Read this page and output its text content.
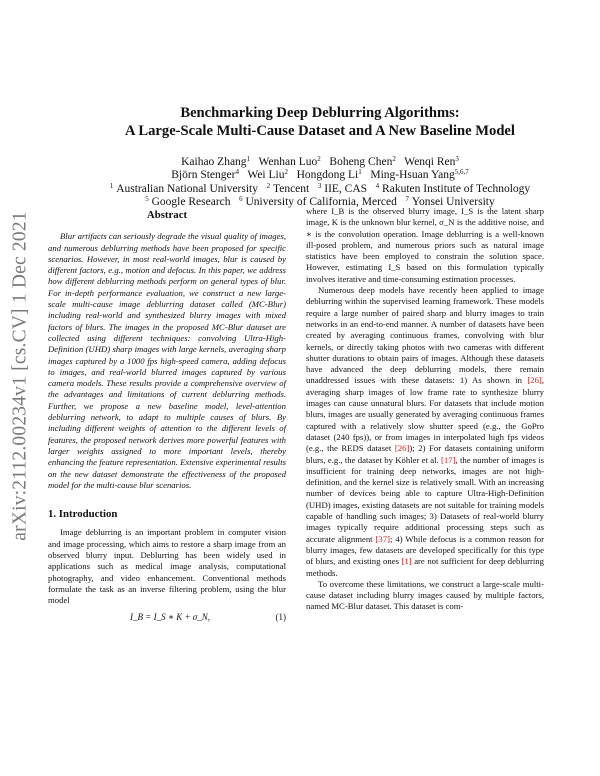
arXiv:2112.00234v1 [cs.CV] 1 Dec 2021
Benchmarking Deep Deblurring Algorithms:
A Large-Scale Multi-Cause Dataset and A New Baseline Model
Kaihao Zhang$^1$ Wenhan Luo$^2$ Boheng Chen$^2$ Wenqi Ren$^3$
Björn Stenger$^4$ Wei Liu$^2$ Hongdong Li$^1$ Ming-Hsuan Yang$^{5,6,7}$
$^1$ Australian National University $^2$ Tencent $^3$ IIE, CAS $^4$ Rakuten Institute of Technology
$^5$ Google Research $^6$ University of California, Merced $^7$ Yonsei University
Abstract

Blur artifacts can seriously degrade the visual quality of images, and numerous deblurring methods have been proposed for specific scenarios. However, in most real-world images, blur is caused by different factors, e.g., motion and defocus. In this paper, we address how different deblurring methods perform on general types of blur. For in-depth performance evaluation, we construct a new large-scale multi-cause image deblurring dataset called (MC-Blur) including real-world and synthesized blurry images with mixed factors of blurs. The images in the proposed MC-Blur dataset are collected using different techniques: convolving Ultra-High-Definition (UHD) sharp images with large kernels, averaging sharp images captured by a 1000 fps high-speed camera, adding defocus to images, and real-world blurred images captured by various camera models. These results provide a comprehensive overview of the advantages and limitations of current deblurring methods. Further, we propose a new baseline model, level-attention deblurring network, to adapt to multiple causes of blurs. By including different weights of attention to the different levels of features, the proposed network derives more powerful features with larger weights assigned to more important levels, thereby enhancing the feature representation. Extensive experimental results on the new dataset demonstrate the effectiveness of the proposed model for the multi-cause blur scenarios.

1. Introduction

Image deblurring is an important problem in computer vision and image processing, which aims to restore a sharp image from an observed blurry input. Deblurring has been widely used in applications such as medical image analysis, computational photography, and video enhancement. Conventional methods formulate the task as an inverse filtering problem, using the blur model

I_B = I_S ∗ K + σ_N,	(1)

where I_B is the observed blurry image, I_S is the latent sharp image, K is the unknown blur kernel, σ_N is the additive noise, and ∗ is the convolution operation. Image deblurring is a well-known ill-posed problem, and numerous priors such as natural image statistics have been employed to constrain the solution space. However, estimating I_S based on this formulation typically involves iterative and time-consuming estimation processes.

Numerous deep models have recently been applied to image deblurring within the supervised learning framework. These models require a large number of paired sharp and blurry images to train networks in an end-to-end manner. A number of datasets have been created by averaging continuous frames, convolving with blur kernels, or directly taking photos with two cameras with different shutter durations to obtain pairs of images. Although these datasets have advanced the deep deblurring models, there remain unaddressed issues with these datasets: 1) As shown in [26], averaging sharp images of low frame rate to synthesize blurry images can cause unnatural blurs. For datasets that include motion blurs, images are usually generated by averaging continuous frames captured with a relatively slow shutter speed (e.g., the GoPro dataset (240 fps)), or from images in interpolated high fps videos (e.g., the REDS dataset [26]); 2) For datasets containing uniform blurs, e.g., the dataset by Köhler et al. [17], the number of images is insufficient for training deep networks, images are not high-definition, and the kernel size is relatively small. With an increasing number of devices being able to capture Ultra-High-Definition (UHD) images, existing datasets are not suitable for training models capable of handling such images; 3) Datasets of real-world blurry images typically require additional processing steps such as accurate alignment [37]; 4) While defocus is a common reason for blurry images, few datasets are developed specifically for this type of blurs, and existing ones [1] are not sufficient for deep deblurring methods.

To overcome these limitations, we construct a large-scale multi-cause dataset including blurry images caused by multiple factors, named MC-Blur dataset. This dataset is com-
